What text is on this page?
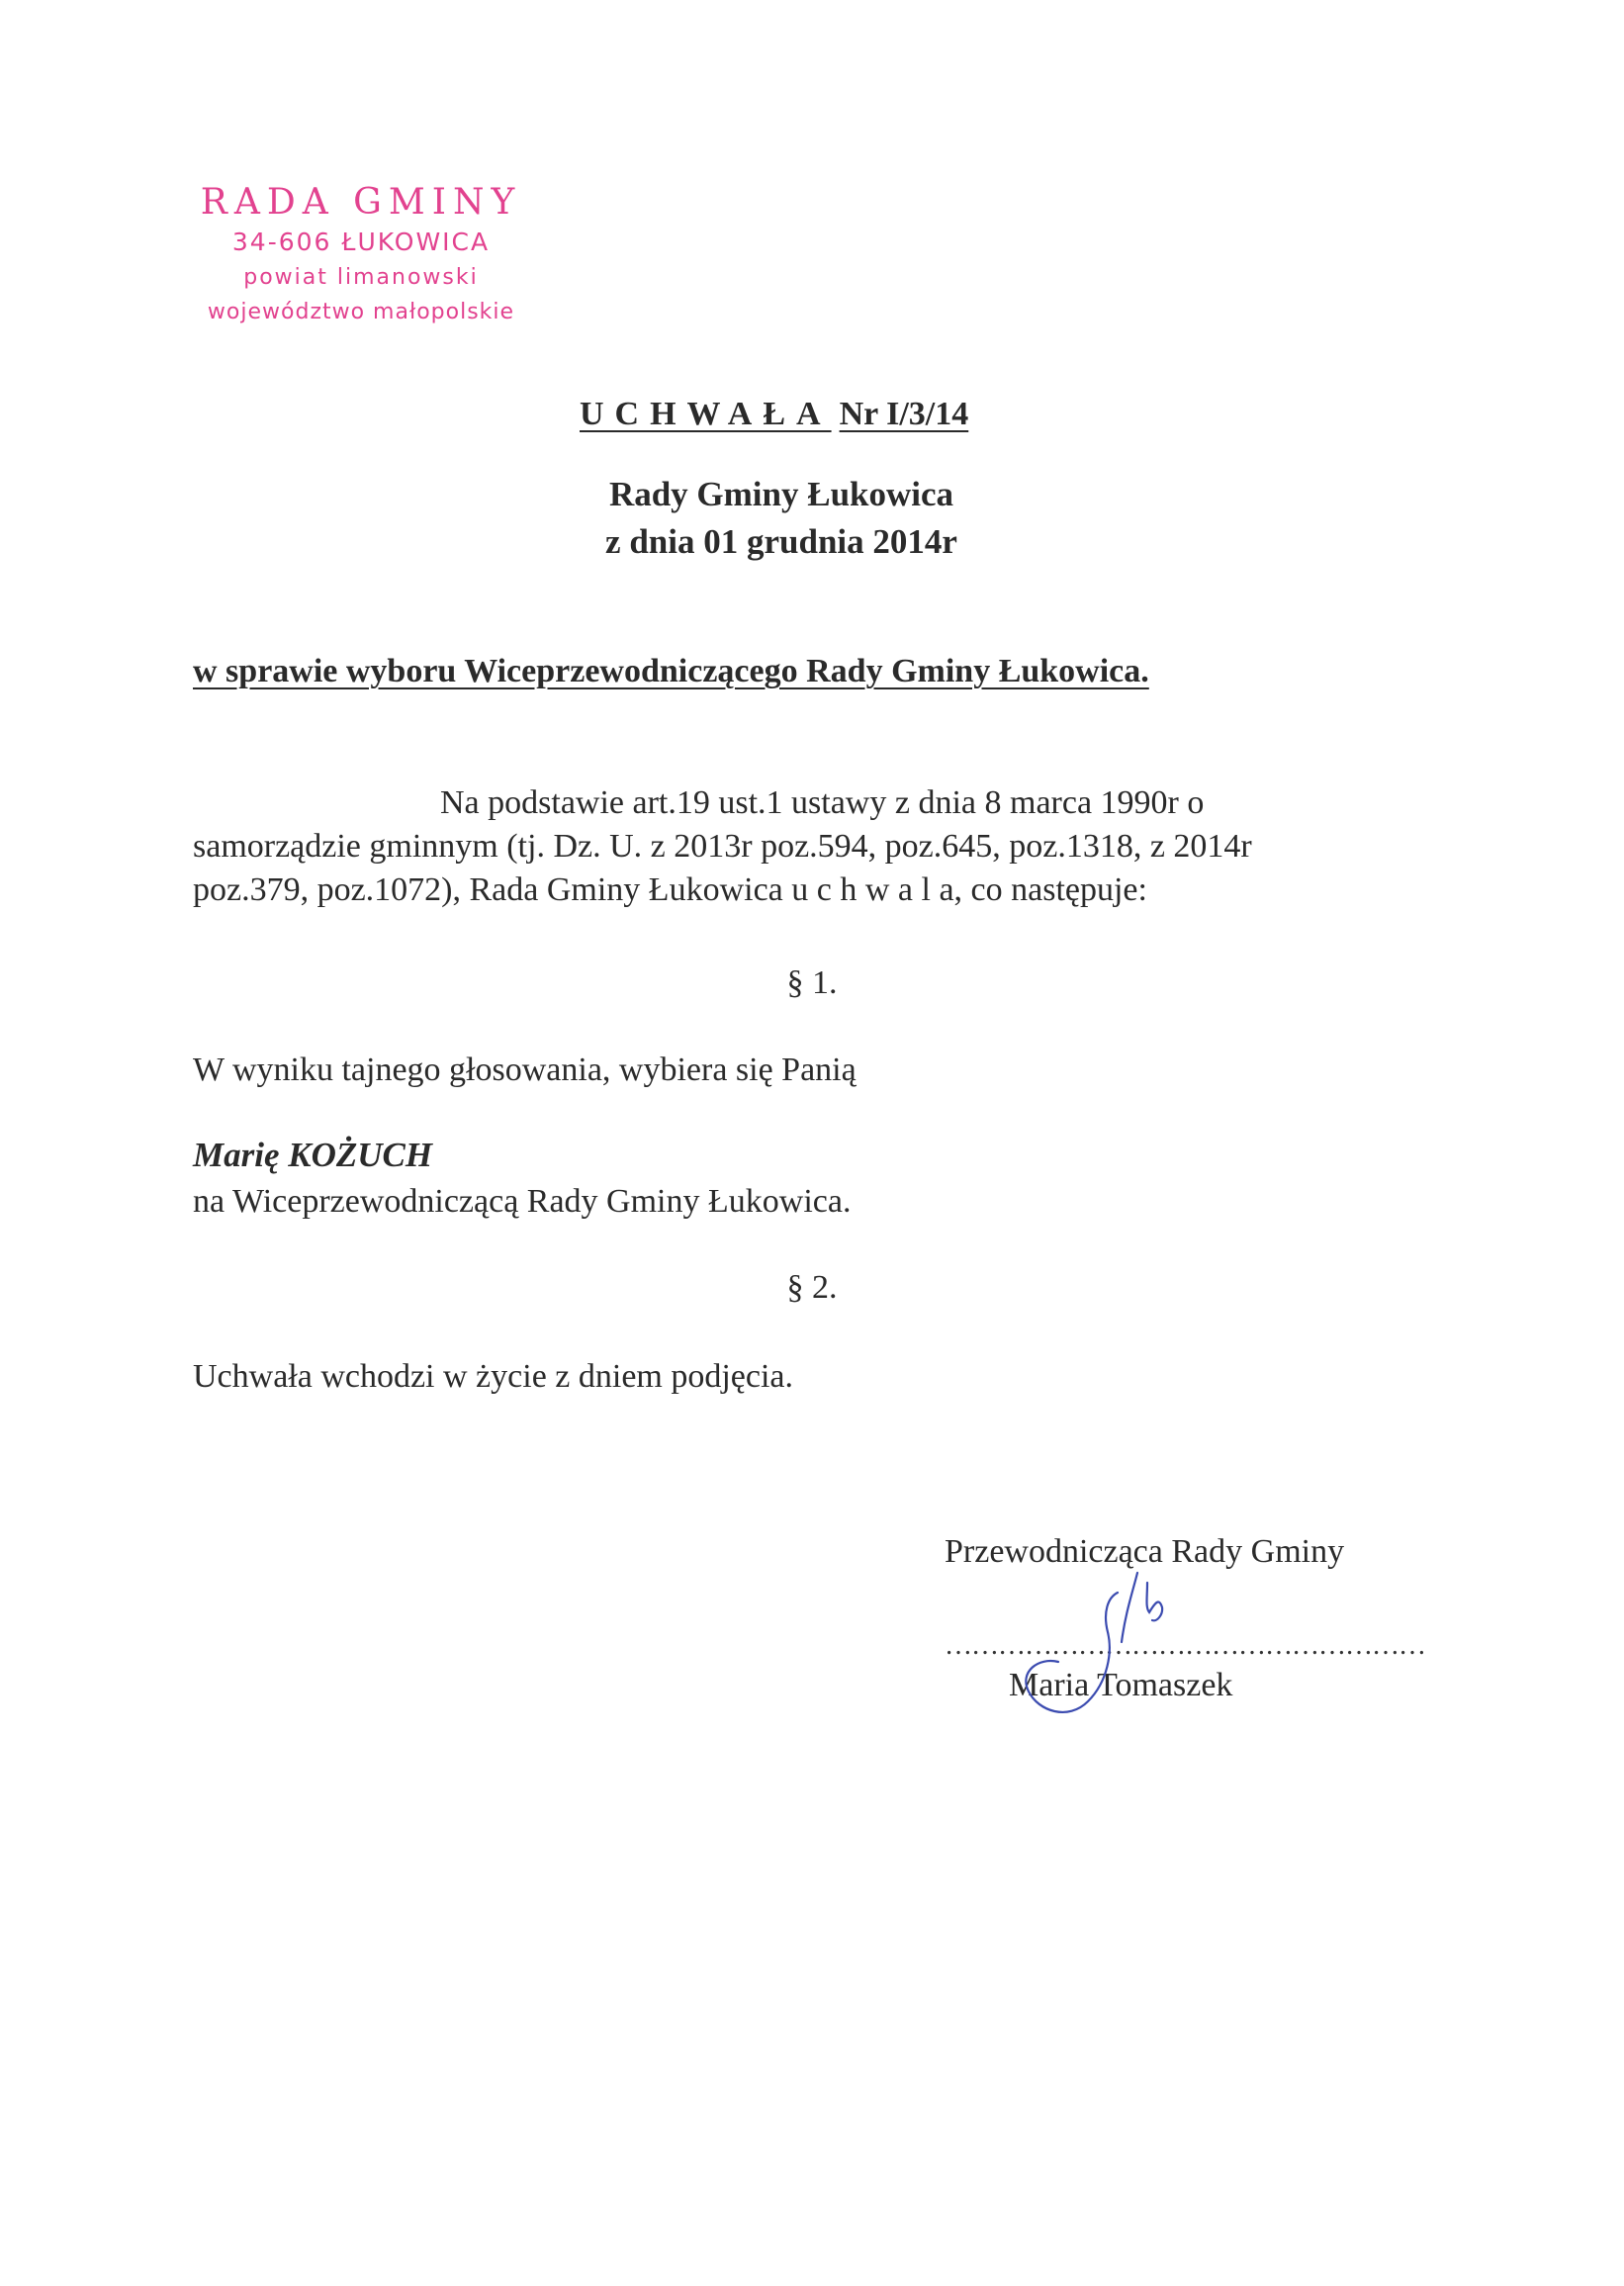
RADA GMINY
34-606 ŁUKOWICA
powiat limanowski
województwo małopolskie
UCHWAŁA Nr I/3/14
Rady Gminy Łukowica
z dnia 01 grudnia 2014r
w sprawie wyboru Wiceprzewodniczącego Rady Gminy Łukowica.
Na podstawie art.19 ust.1 ustawy z dnia 8 marca 1990r o
samorządzie gminnym (tj. Dz. U. z 2013r poz.594, poz.645, poz.1318, z 2014r
poz.379, poz.1072), Rada Gminy Łukowica u c h w a l a, co następuje:
§ 1.
W wyniku tajnego głosowania, wybiera się Panią
Marię KOŻUCH
na Wiceprzewodniczącą Rady Gminy Łukowica.
§ 2.
Uchwała wchodzi w życie z dniem podjęcia.
Przewodnicząca Rady Gminy
………………………………………………
Maria Tomaszek
